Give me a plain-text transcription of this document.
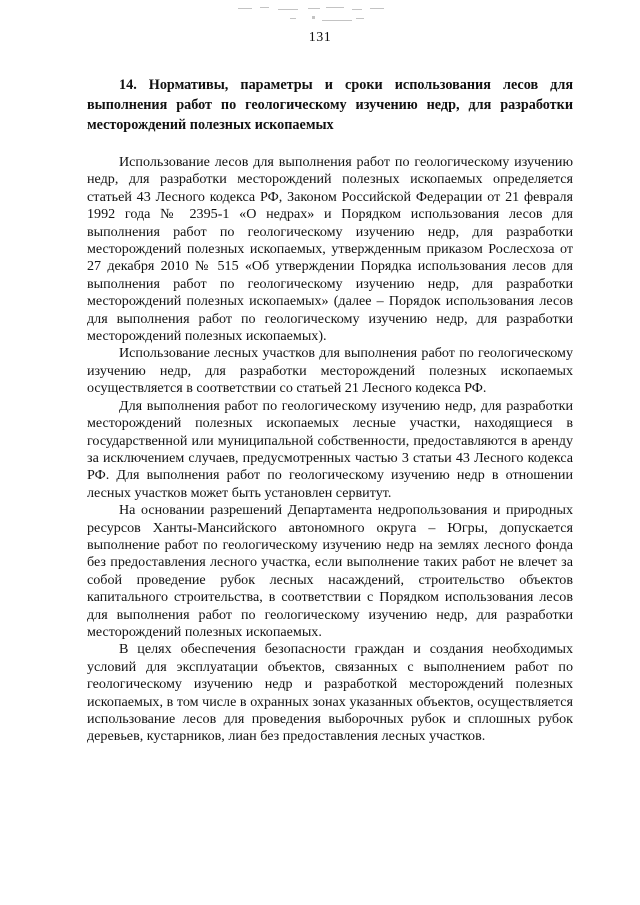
131

14. Нормативы, параметры и сроки использования лесов для выполнения работ по геологическому изучению недр, для разработки месторождений полезных ископаемых

Использование лесов для выполнения работ по геологическому изучению недр, для разработки месторождений полезных ископаемых определяется статьей 43 Лесного кодекса РФ, Законом Российской Федерации от 21 февраля 1992 года № 2395-1 «О недрах» и Порядком использования лесов для выполнения работ по геологическому изучению недр, для разработки месторождений полезных ископаемых, утвержденным приказом Рослесхоза от 27 декабря 2010 № 515 «Об утверждении Порядка использования лесов для выполнения работ по геологическому изучению недр, для разработки месторождений полезных ископаемых» (далее – Порядок использования лесов для выполнения работ по геологическому изучению недр, для разработки месторождений полезных ископаемых).

Использование лесных участков для выполнения работ по геологическому изучению недр, для разработки месторождений полезных ископаемых осуществляется в соответствии со статьей 21 Лесного кодекса РФ.

Для выполнения работ по геологическому изучению недр, для разработки месторождений полезных ископаемых лесные участки, находящиеся в государственной или муниципальной собственности, предоставляются в аренду за исключением случаев, предусмотренных частью 3 статьи 43 Лесного кодекса РФ. Для выполнения работ по геологическому изучению недр в отношении лесных участков может быть установлен сервитут.

На основании разрешений Департамента недропользования и природных ресурсов Ханты-Мансийского автономного округа – Югры, допускается выполнение работ по геологическому изучению недр на землях лесного фонда без предоставления лесного участка, если выполнение таких работ не влечет за собой проведение рубок лесных насаждений, строительство объектов капитального строительства, в соответствии с Порядком использования лесов для выполнения работ по геологическому изучению недр, для разработки месторождений полезных ископаемых.

В целях обеспечения безопасности граждан и создания необходимых условий для эксплуатации объектов, связанных с выполнением работ по геологическому изучению недр и разработкой месторождений полезных ископаемых, в том числе в охранных зонах указанных объектов, осуществляется использование лесов для проведения выборочных рубок и сплошных рубок деревьев, кустарников, лиан без предоставления лесных участков.
